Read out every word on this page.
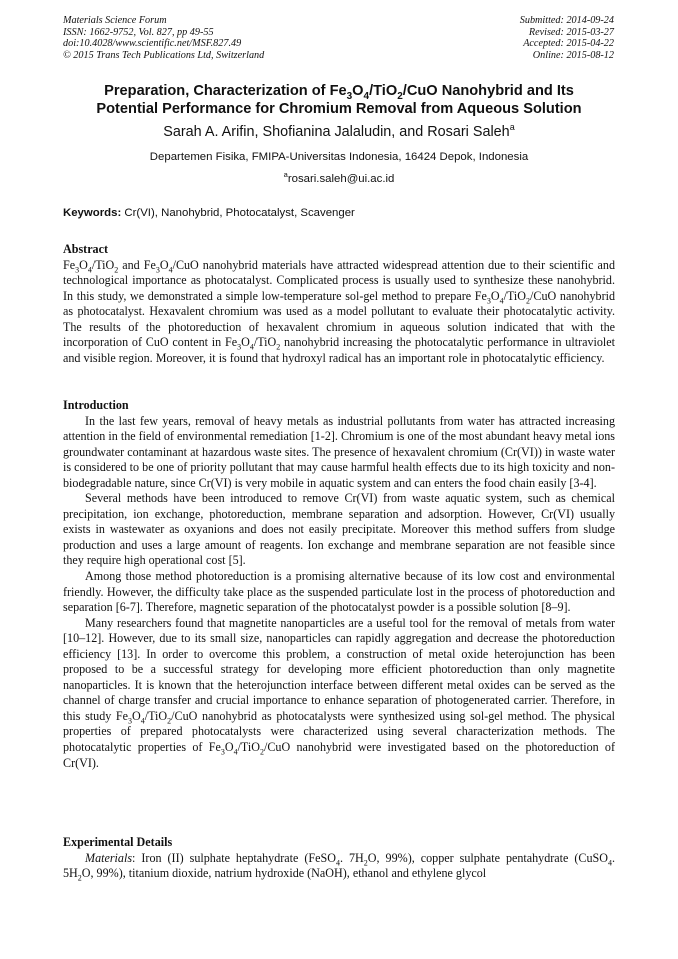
Materials Science Forum
ISSN: 1662-9752, Vol. 827, pp 49-55
doi:10.4028/www.scientific.net/MSF.827.49
© 2015 Trans Tech Publications Ltd, Switzerland
Submitted: 2014-09-24
Revised: 2015-03-27
Accepted: 2015-04-22
Online: 2015-08-12
Preparation, Characterization of $Fe_3O_4/TiO_2$/CuO Nanohybrid and Its
Potential Performance for Chromium Removal from Aqueous Solution
Sarah A. Arifin, Shofianina Jalaludin, and Rosari Saleh$^a$
Departemen Fisika, FMIPA-Universitas Indonesia, 16424 Depok, Indonesia
$^a$rosari.saleh@ui.ac.id
Keywords: Cr(VI), Nanohybrid, Photocatalyst, Scavenger
Abstract

$Fe_3O_4/TiO_2$ and $Fe_3O_4$/CuO nanohybrid materials have attracted widespread attention due to their scientific and technological importance as photocatalyst. Complicated process is usually used to synthesize these nanohybrid. In this study, we demonstrated a simple low-temperature sol-gel method to prepare $Fe_3O_4/TiO_2$/CuO nanohybrid as photocatalyst. Hexavalent chromium was used as a model pollutant to evaluate their photocatalytic activity. The results of the photoreduction of hexavalent chromium in aqueous solution indicated that with the incorporation of CuO content in $Fe_3O_4/TiO_2$ nanohybrid increasing the photocatalytic performance in ultraviolet and visible region. Moreover, it is found that hydroxyl radical has an important role in photocatalytic efficiency.

Introduction

In the last few years, removal of heavy metals as industrial pollutants from water has attracted increasing attention in the field of environmental remediation [1-2]. Chromium is one of the most abundant heavy metal ions groundwater contaminant at hazardous waste sites. The presence of hexavalent chromium (Cr(VI)) in waste water is considered to be one of priority pollutant that may cause harmful health effects due to its high toxicity and non-biodegradable nature, since Cr(VI) is very mobile in aquatic system and can enters the food chain easily [3-4].

Several methods have been introduced to remove Cr(VI) from waste aquatic system, such as chemical precipitation, ion exchange, photoreduction, membrane separation and adsorption. However, Cr(VI) usually exists in wastewater as oxyanions and does not easily precipitate. Moreover this method suffers from sludge production and uses a large amount of reagents. Ion exchange and membrane separation are not feasible since they require high operational cost [5].

Among those method photoreduction is a promising alternative because of its low cost and environmental friendly. However, the difficulty take place as the suspended particulate lost in the process of photoreduction and separation [6-7]. Therefore, magnetic separation of the photocatalyst powder is a possible solution [8–9].

Many researchers found that magnetite nanoparticles are a useful tool for the removal of metals from water [10–12]. However, due to its small size, nanoparticles can rapidly aggregation and decrease the photoreduction efficiency [13]. In order to overcome this problem, a construction of metal oxide heterojunction has been proposed to be a successful strategy for developing more efficient photoreduction than only magnetite nanoparticles. It is known that the heterojunction interface between different metal oxides can be served as the channel of charge transfer and crucial importance to enhance separation of photogenerated carrier. Therefore, in this study $Fe_3O_4/TiO_2$/CuO nanohybrid as photocatalysts were synthesized using sol-gel method. The physical properties of prepared photocatalysts were characterized using several characterization methods. The photocatalytic properties of $Fe_3O_4/TiO_2$/CuO nanohybrid were investigated based on the photoreduction of Cr(VI).

Experimental Details

Materials: Iron (II) sulphate heptahydrate (FeSO$_4$. $7H_2O$, 99%), copper sulphate pentahydrate (CuSO$_4$. $5H_2O$, 99%), titanium dioxide, natrium hydroxide (NaOH), ethanol and ethylene glycol
